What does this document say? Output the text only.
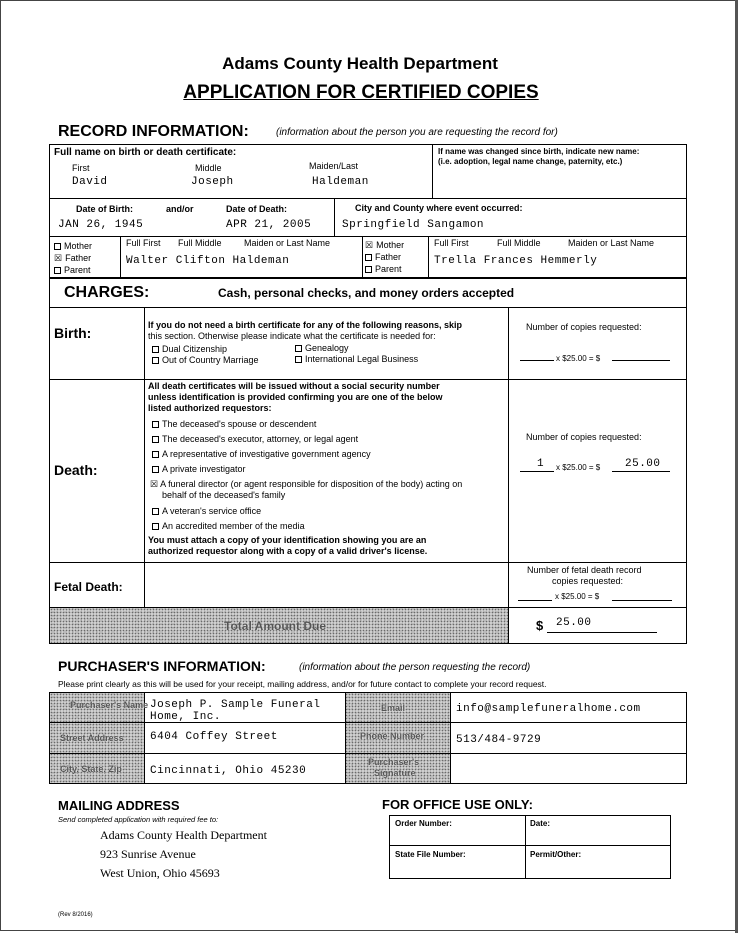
Adams County Health Department
APPLICATION FOR CERTIFIED COPIES
RECORD INFORMATION:	(information about the person you are requesting the record for)
Full name on birth or death certificate:
First	Middle	Maiden/Last
David	Joseph	Haldeman
If name was changed since birth, indicate new name:
(i.e. adoption, legal name change, paternity, etc.)
Date of Birth:	and/or	Date of Death:
JAN 26, 1945	APR 21, 2005
City and County where event occurred:
Springfield Sangamon
Mother
☒ Father
Parent
Full First Full Middle Maiden or Last Name
Walter Clifton Haldeman
☒ Mother
Father
Parent
Full First	Full Middle	Maiden or Last Name
Trella Frances Hemmerly
CHARGES:	Cash, personal checks, and money orders accepted
Birth:	If you do not need a birth certificate for any of the following reasons, skip
this section. Otherwise please indicate what the certificate is needed for:
Dual Citizenship	Genealogy
Out of Country Marriage	International Legal Business
Number of copies requested:
x $25.00 = $
Death:
All death certificates will be issued without a social security number
unless identification is provided confirming you are one of the below
listed authorized requestors:
The deceased's spouse or descendent
The deceased's executor, attorney, or legal agent
A representative of investigative government agency
A private investigator
☒ A funeral director (or agent responsible for disposition of the body) acting on
behalf of the deceased's family
A veteran's service office
An accredited member of the media
You must attach a copy of your identification showing you are an
authorized requestor along with a copy of a valid driver's license.
Number of copies requested:
1 x $25.00 = $ 25.00
Fetal Death:
Number of fetal death record
copies requested:
x $25.00 = $
Total Amount Due	$ 25.00
PURCHASER'S INFORMATION:	(information about the person requesting the record)
Please print clearly as this will be used for your receipt, mailing address, and/or for future contact to complete your record request.
Purchaser's Name Joseph P. Sample Funeral
Home, Inc.
Email	info@samplefuneralhome.com
Street Address 6404 Coffey Street	Phone Number	513/484-9729
City, State, Zip	Cincinnati, Ohio 45230
Purchaser's
Signature
MAILING ADDRESS
Send completed application with required fee to:
Adams County Health Department
923 Sunrise Avenue
West Union, Ohio 45693
FOR OFFICE USE ONLY:
Order Number:	Date:
State File Number:	Permit/Other:
(Rev 8/2016)
